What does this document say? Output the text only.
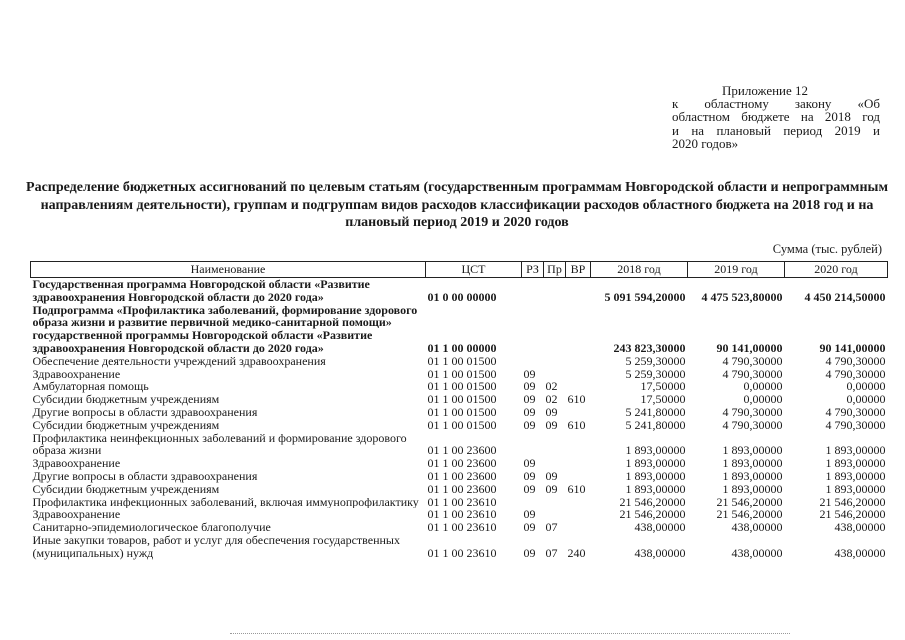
Приложение 12
к областному закону «Об
областном бюджете на 2018 год
и на плановый период 2019 и
2020 годов»
Распределение бюджетных ассигнований по целевым статьям (государственным программам Новгородской области и непрограммным направлениям деятельности), группам и подгруппам видов расходов классификации расходов областного бюджета на 2018 год и на плановый период 2019 и 2020 годов
Сумма (тыс. рублей)
Наименование	ЦСТ	РЗ	Пр	ВР	2018 год	2019 год	2020 год
Государственная программа Новгородской области «Развитие здравоохранения Новгородской области до 2020 года»	01 0 00 00000				5 091 594,20000	4 475 523,80000	4 450 214,50000
Подпрограмма «Профилактика заболеваний, формирование здорового образа жизни и развитие первичной медико-санитарной помощи» государственной программы Новгородской области «Развитие здравоохранения Новгородской области до 2020 года»	01 1 00 00000				243 823,30000	90 141,00000	90 141,00000
Обеспечение деятельности учреждений здравоохранения	01 1 00 01500				5 259,30000	4 790,30000	4 790,30000
Здравоохранение	01 1 00 01500	09			5 259,30000	4 790,30000	4 790,30000
Амбулаторная помощь	01 1 00 01500	09	02		17,50000	0,00000	0,00000
Субсидии бюджетным учреждениям	01 1 00 01500	09	02	610	17,50000	0,00000	0,00000
Другие вопросы в области здравоохранения	01 1 00 01500	09	09		5 241,80000	4 790,30000	4 790,30000
Субсидии бюджетным учреждениям	01 1 00 01500	09	09	610	5 241,80000	4 790,30000	4 790,30000
Профилактика неинфекционных заболеваний и формирование здорового образа жизни	01 1 00 23600				1 893,00000	1 893,00000	1 893,00000
Здравоохранение	01 1 00 23600	09			1 893,00000	1 893,00000	1 893,00000
Другие вопросы в области здравоохранения	01 1 00 23600	09	09		1 893,00000	1 893,00000	1 893,00000
Субсидии бюджетным учреждениям	01 1 00 23600	09	09	610	1 893,00000	1 893,00000	1 893,00000
Профилактика инфекционных заболеваний, включая иммунопрофилактику	01 1 00 23610				21 546,20000	21 546,20000	21 546,20000
Здравоохранение	01 1 00 23610	09			21 546,20000	21 546,20000	21 546,20000
Санитарно-эпидемиологическое благополучие	01 1 00 23610	09	07		438,00000	438,00000	438,00000
Иные закупки товаров, работ и услуг для обеспечения государственных (муниципальных) нужд	01 1 00 23610	09	07	240	438,00000	438,00000	438,00000
